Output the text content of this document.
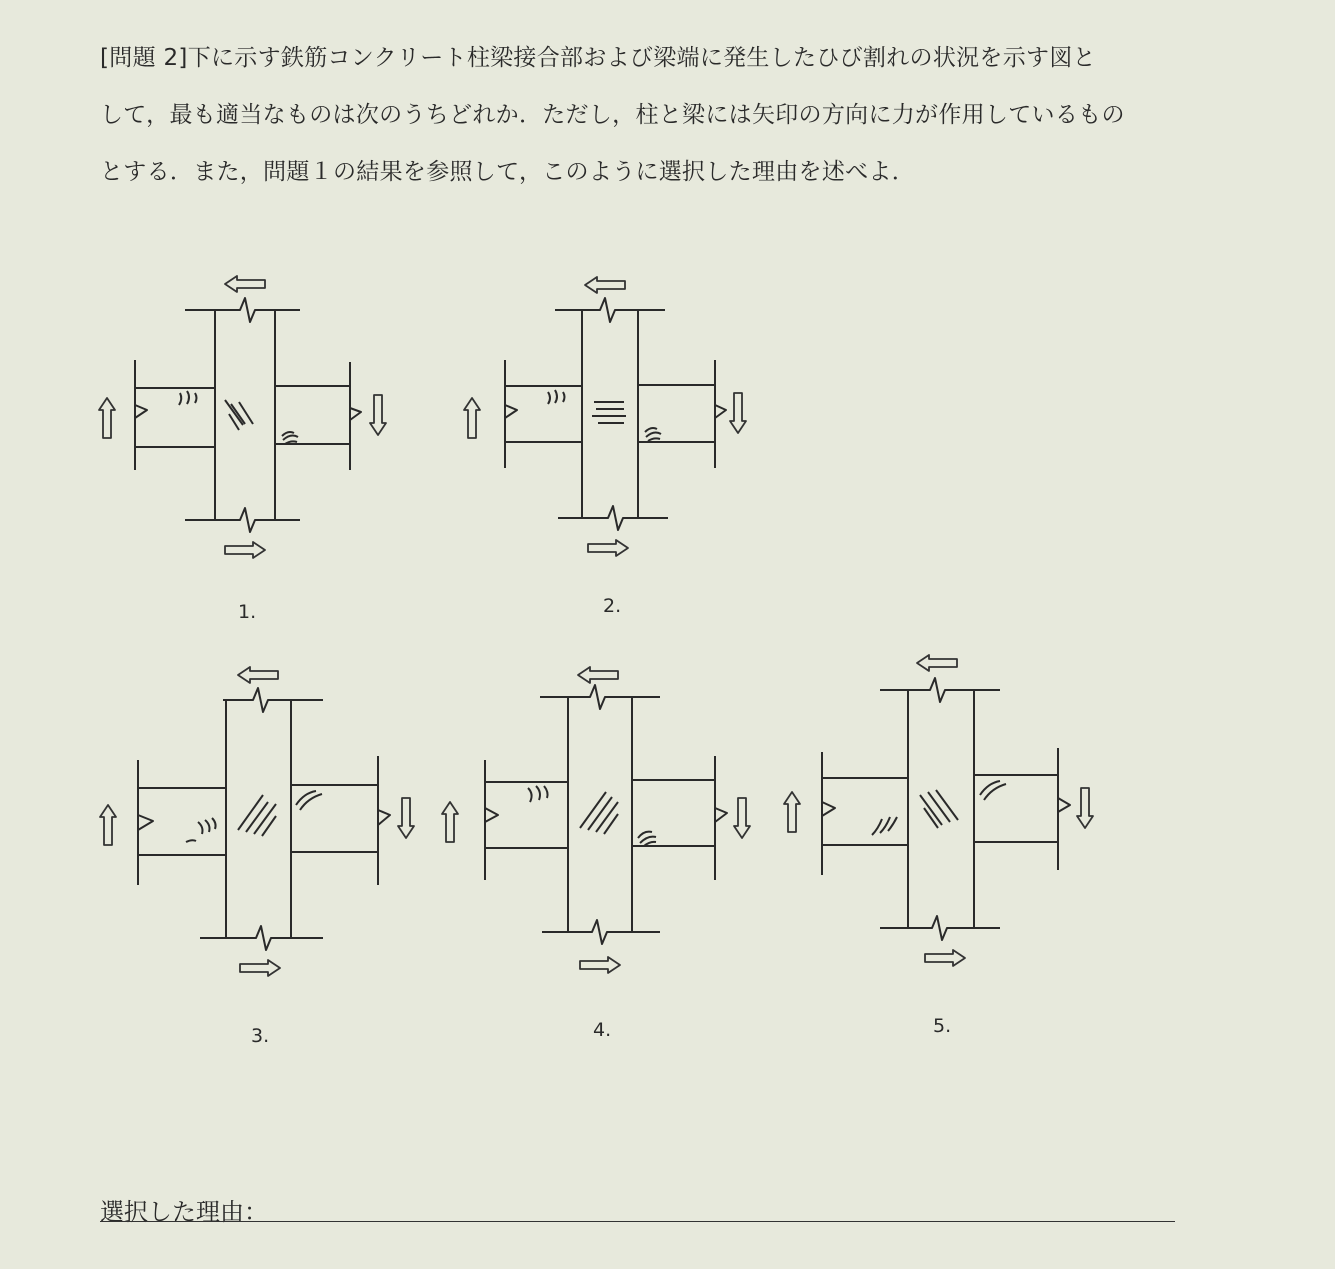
[問題 2]下に示す鉄筋コンクリート柱梁接合部および梁端に発生したひび割れの状況を示す図と

して，最も適当なものは次のうちどれか．ただし，柱と梁には矢印の方向に力が作用しているもの

とする．また，問題１の結果を参照して，このように選択した理由を述べよ．

1.	2.
3.	4.	5.
選択した理由：
